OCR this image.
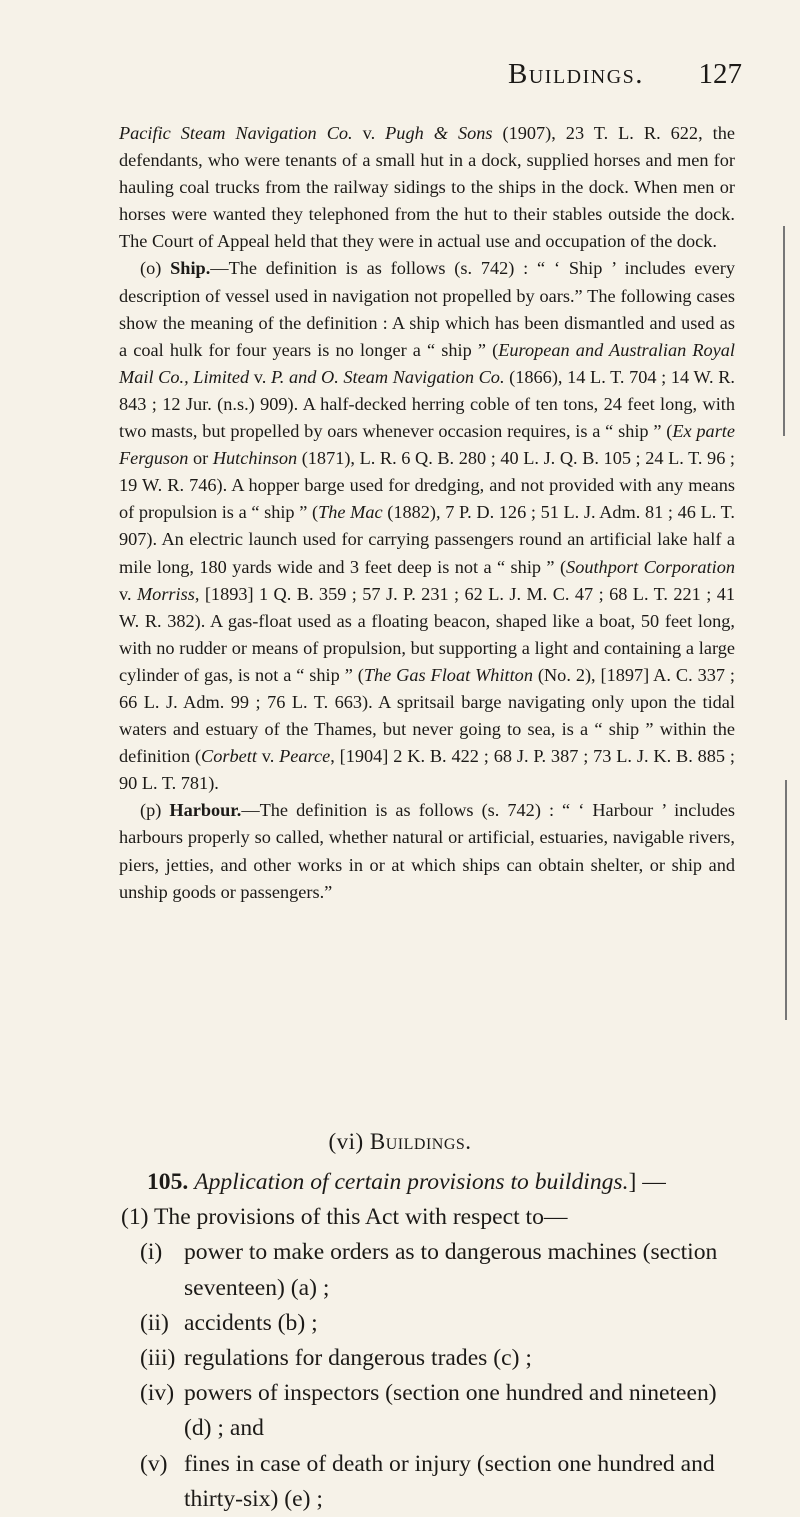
Buildings. 127

Pacific Steam Navigation Co. v. Pugh & Sons (1907), 23 T. L. R. 622, the defendants, who were tenants of a small hut in a dock, supplied horses and men for hauling coal trucks from the railway sidings to the ships in the dock. When men or horses were wanted they telephoned from the hut to their stables outside the dock. The Court of Appeal held that they were in actual use and occupation of the dock.

(o) Ship.—The definition is as follows (s. 742) : “ ‘ Ship ’ includes every description of vessel used in navigation not propelled by oars.” The following cases show the meaning of the definition : A ship which has been dismantled and used as a coal hulk for four years is no longer a “ ship ” (European and Australian Royal Mail Co., Limited v. P. and O. Steam Navigation Co. (1866), 14 L. T. 704 ; 14 W. R. 843 ; 12 Jur. (n.s.) 909). A half-decked herring coble of ten tons, 24 feet long, with two masts, but propelled by oars whenever occasion requires, is a “ ship ” (Ex parte Ferguson or Hutchinson (1871), L. R. 6 Q. B. 280 ; 40 L. J. Q. B. 105 ; 24 L. T. 96 ; 19 W. R. 746). A hopper barge used for dredging, and not provided with any means of propulsion is a “ ship ” (The Mac (1882), 7 P. D. 126 ; 51 L. J. Adm. 81 ; 46 L. T. 907). An electric launch used for carrying passengers round an artificial lake half a mile long, 180 yards wide and 3 feet deep is not a “ ship ” (Southport Corporation v. Morriss, [1893] 1 Q. B. 359 ; 57 J. P. 231 ; 62 L. J. M. C. 47 ; 68 L. T. 221 ; 41 W. R. 382). A gas-float used as a floating beacon, shaped like a boat, 50 feet long, with no rudder or means of propulsion, but supporting a light and containing a large cylinder of gas, is not a “ ship ” (The Gas Float Whitton (No. 2), [1897] A. C. 337 ; 66 L. J. Adm. 99 ; 76 L. T. 663). A spritsail barge navigating only upon the tidal waters and estuary of the Thames, but never going to sea, is a “ ship ” within the definition (Corbett v. Pearce, [1904] 2 K. B. 422 ; 68 J. P. 387 ; 73 L. J. K. B. 885 ; 90 L. T. 781).

(p) Harbour.—The definition is as follows (s. 742) : “ ‘ Harbour ’ includes harbours properly so called, whether natural or artificial, estuaries, navigable rivers, piers, jetties, and other works in or at which ships can obtain shelter, or ship and unship goods or passengers.”

(vi) Buildings.

105. Application of certain provisions to buildings.] —

(1) The provisions of this Act with respect to—

(i) power to make orders as to dangerous machines (section seventeen) (a) ;
(ii) accidents (b) ;
(iii) regulations for dangerous trades (c) ;
(iv) powers of inspectors (section one hundred and nineteen) (d) ; and
(v) fines in case of death or injury (section one hundred and thirty-six) (e) ;
